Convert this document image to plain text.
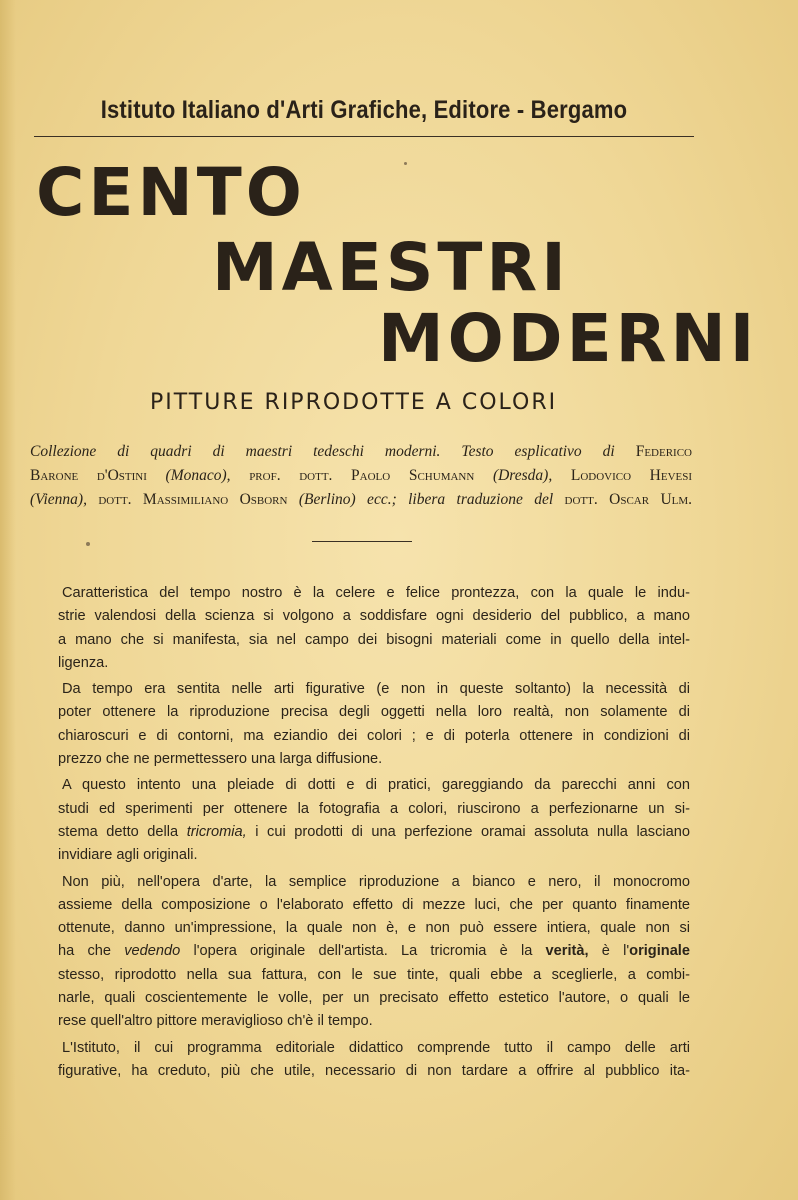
Istituto Italiano d'Arti Grafiche, Editore - Bergamo
CENTO
MAESTRI
MODERNI
PITTURE RIPRODOTTE A COLORI
Collezione di quadri di maestri tedeschi moderni. Testo esplicativo di Federico
Barone d'Ostini (Monaco), prof. dott. Paolo Schumann (Dresda), Lodovico Hevesi
(Vienna), dott. Massimiliano Osborn (Berlino) ecc.; libera traduzione del dott. Oscar Ulm.
Caratteristica del tempo nostro è la celere e felice prontezza, con la quale le indu-
strie valendosi della scienza si volgono a soddisfare ogni desiderio del pubblico, a mano
a mano che si manifesta, sia nel campo dei bisogni materiali come in quello della intel-
ligenza.
Da tempo era sentita nelle arti figurative (e non in queste soltanto) la necessità di
poter ottenere la riproduzione precisa degli oggetti nella loro realtà, non solamente di
chiaroscuri e di contorni, ma eziandio dei colori ; e di poterla ottenere in condizioni di
prezzo che ne permettessero una larga diffusione.
A questo intento una pleiade di dotti e di pratici, gareggiando da parecchi anni con
studi ed sperimenti per ottenere la fotografia a colori, riuscirono a perfezionarne un si-
stema detto della tricromia, i cui prodotti di una perfezione oramai assoluta nulla lasciano
invidiare agli originali.
Non più, nell'opera d'arte, la semplice riproduzione a bianco e nero, il monocromo
assieme della composizione o l'elaborato effetto di mezze luci, che per quanto finamente
ottenute, danno un'impressione, la quale non è, e non può essere intiera, quale non si
ha che vedendo l'opera originale dell'artista. La tricromia è la verità, è l'originale
stesso, riprodotto nella sua fattura, con le sue tinte, quali ebbe a sceglierle, a combi-
narle, quali coscientemente le volle, per un precisato effetto estetico l'autore, o quali le
rese quell'altro pittore meraviglioso ch'è il tempo.
L'Istituto, il cui programma editoriale didattico comprende tutto il campo delle arti
figurative, ha creduto, più che utile, necessario di non tardare a offrire al pubblico ita-
